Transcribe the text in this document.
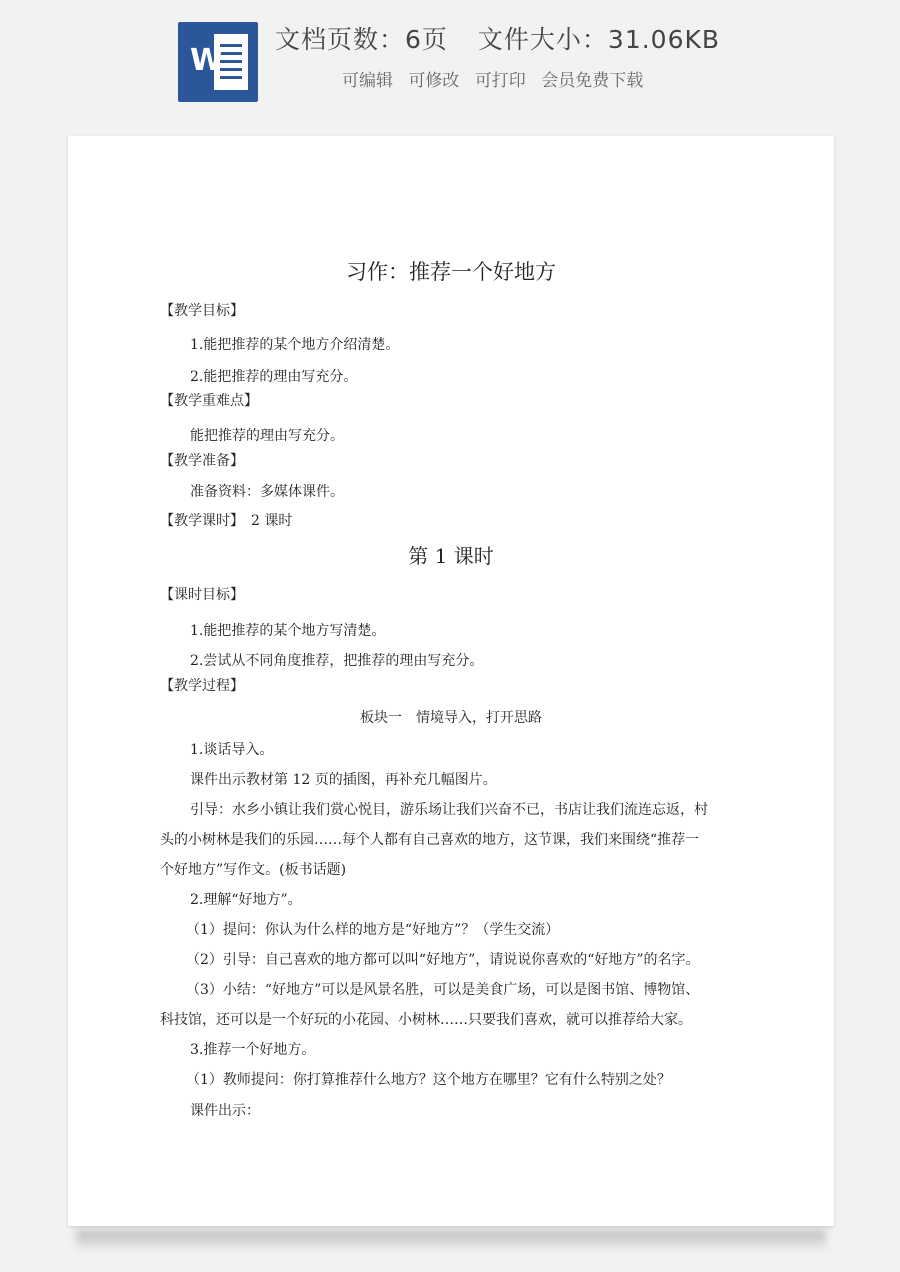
W
文档页数：6页 文件大小：31.06KB
可编辑 可修改 可打印 会员免费下载
习作：推荐一个好地方
【教学目标】
1.能把推荐的某个地方介绍清楚。
2.能把推荐的理由写充分。
【教学重难点】
能把推荐的理由写充分。
【教学准备】
准备资料：多媒体课件。
【教学课时】　2 课时
第 1 课时
【课时目标】
1.能把推荐的某个地方写清楚。
2.尝试从不同角度推荐，把推荐的理由写充分。
【教学过程】
板块一　情境导入，打开思路
1.谈话导入。
课件出示教材第 12 页的插图，再补充几幅图片。
引导：水乡小镇让我们赏心悦目，游乐场让我们兴奋不已，书店让我们流连忘返，村
头的小树林是我们的乐园……每个人都有自己喜欢的地方，这节课，我们来围绕“推荐一
个好地方”写作文。(板书话题)
2.理解“好地方”。
（1）提问：你认为什么样的地方是“好地方”？（学生交流）
（2）引导：自己喜欢的地方都可以叫“好地方”，请说说你喜欢的“好地方”的名字。
（3）小结：“好地方”可以是风景名胜，可以是美食广场，可以是图书馆、博物馆、
科技馆，还可以是一个好玩的小花园、小树林……只要我们喜欢，就可以推荐给大家。
3.推荐一个好地方。
（1）教师提问：你打算推荐什么地方？这个地方在哪里？它有什么特别之处？
课件出示：
